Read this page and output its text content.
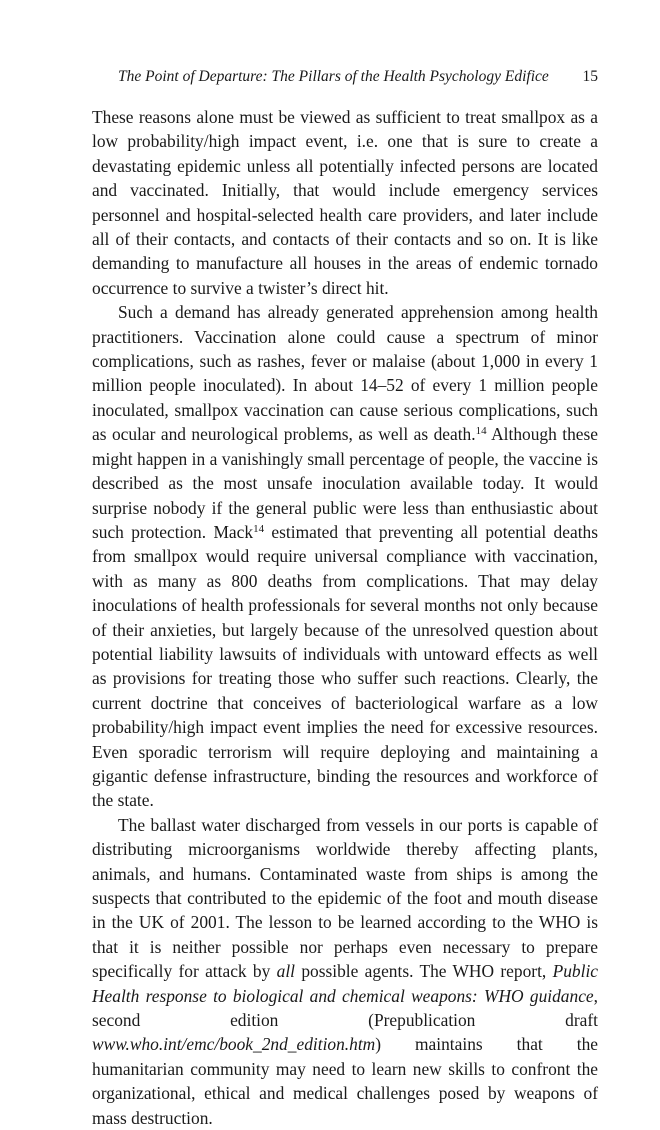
The Point of Departure: The Pillars of the Health Psychology Edifice 15

These reasons alone must be viewed as sufficient to treat smallpox as a low probability/high impact event, i.e. one that is sure to create a devastating epidemic unless all potentially infected persons are located and vaccinated. Initially, that would include emergency services personnel and hospital-selected health care providers, and later include all of their contacts, and contacts of their contacts and so on. It is like demanding to manufacture all houses in the areas of endemic tornado occurrence to survive a twister’s direct hit.

Such a demand has already generated apprehension among health practitioners. Vaccination alone could cause a spectrum of minor complications, such as rashes, fever or malaise (about 1,000 in every 1 million people inoculated). In about 14–52 of every 1 million people inoculated, smallpox vaccination can cause serious complications, such as ocular and neurological problems, as well as death.$^{14}$ Although these might happen in a vanishingly small percentage of people, the vaccine is described as the most unsafe inoculation available today. It would surprise nobody if the general public were less than enthusiastic about such protection. Mack$^{14}$ estimated that preventing all potential deaths from smallpox would require universal compliance with vaccination, with as many as 800 deaths from complications. That may delay inoculations of health professionals for several months not only because of their anxieties, but largely because of the unresolved question about potential liability lawsuits of individuals with untoward effects as well as provisions for treating those who suffer such reactions. Clearly, the current doctrine that conceives of bacteriological warfare as a low probability/high impact event implies the need for excessive resources. Even sporadic terrorism will require deploying and maintaining a gigantic defense infrastructure, binding the resources and workforce of the state.

The ballast water discharged from vessels in our ports is capable of distributing microorganisms worldwide thereby affecting plants, animals, and humans. Contaminated waste from ships is among the suspects that contributed to the epidemic of the foot and mouth disease in the UK of 2001. The lesson to be learned according to the WHO is that it is neither possible nor perhaps even necessary to prepare specifically for attack by all possible agents. The WHO report, Public Health response to biological and chemical weapons: WHO guidance, second edition (Prepublication draft www.who.int/emc/book_2nd_edition.htm) maintains that the humanitarian community may need to learn new skills to confront the organizational, ethical and medical challenges posed by weapons of mass destruction.
